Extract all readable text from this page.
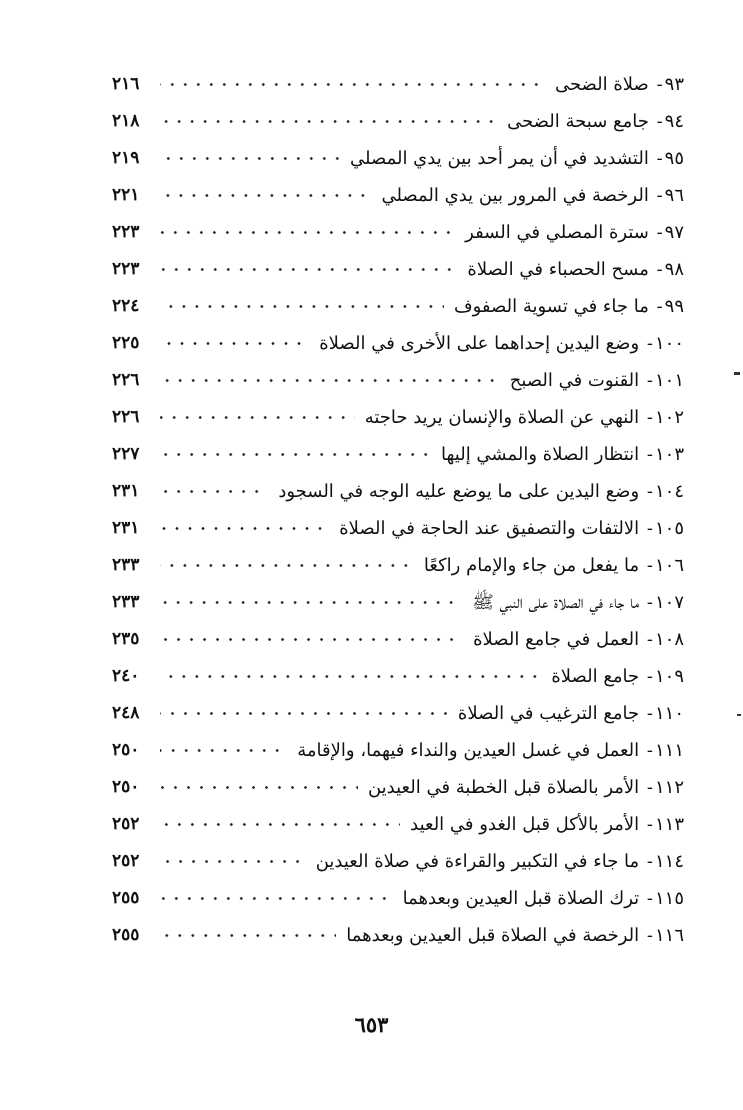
٩٣- صلاة الضحى
٢١٦
٩٤- جامع سبحة الضحى
٢١٨
٩٥- التشديد في أن يمر أحد بين يدي المصلي
٢١٩
٩٦- الرخصة في المرور بين يدي المصلي
٢٢١
٩٧- سترة المصلي في السفر
٢٢٣
٩٨- مسح الحصباء في الصلاة
٢٢٣
٩٩- ما جاء في تسوية الصفوف
٢٢٤
١٠٠- وضع اليدين إحداهما على الأخرى في الصلاة
٢٢٥
١٠١- القنوت في الصبح
٢٢٦
١٠٢- النهي عن الصلاة والإنسان يريد حاجته
٢٢٦
١٠٣- انتظار الصلاة والمشي إليها
٢٢٧
١٠٤- وضع اليدين على ما يوضع عليه الوجه في السجود
٢٣١
١٠٥- الالتفات والتصفيق عند الحاجة في الصلاة
٢٣١
١٠٦- ما يفعل من جاء والإمام راكعًا
٢٣٣
١٠٧- ما جاء في الصلاة على النبي ﷺ
٢٣٣
١٠٨- العمل في جامع الصلاة
٢٣٥
١٠٩- جامع الصلاة
٢٤٠
١١٠- جامع الترغيب في الصلاة
٢٤٨
١١١- العمل في غسل العيدين والنداء فيهما، والإقامة
٢٥٠
١١٢- الأمر بالصلاة قبل الخطبة في العيدين
٢٥٠
١١٣- الأمر بالأكل قبل الغدو في العيد
٢٥٢
١١٤- ما جاء في التكبير والقراءة في صلاة العيدين
٢٥٢
١١٥- ترك الصلاة قبل العيدين وبعدهما
٢٥٥
١١٦- الرخصة في الصلاة قبل العيدين وبعدهما
٢٥٥
٦٥٣
